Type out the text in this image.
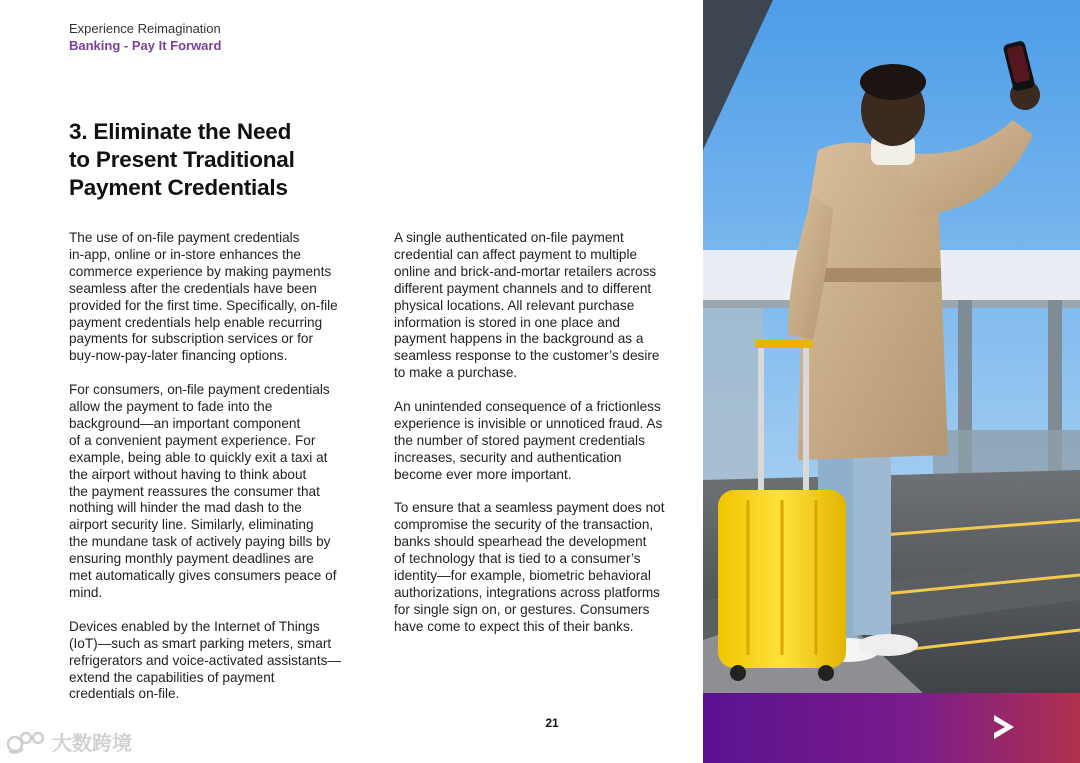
Experience Reimagination
Banking - Pay It Forward
3. Eliminate the Need
to Present Traditional
Payment Credentials

The use of on-file payment credentials
in-app, online or in-store enhances the
commerce experience by making payments
seamless after the credentials have been
provided for the first time. Specifically, on-file
payment credentials help enable recurring
payments for subscription services or for
buy-now-pay-later financing options.

For consumers, on-file payment credentials
allow the payment to fade into the
background—an important component
of a convenient payment experience. For
example, being able to quickly exit a taxi at
the airport without having to think about
the payment reassures the consumer that
nothing will hinder the mad dash to the
airport security line. Similarly, eliminating
the mundane task of actively paying bills by
ensuring monthly payment deadlines are
met automatically gives consumers peace of
mind.

Devices enabled by the Internet of Things
(IoT)—such as smart parking meters, smart
refrigerators and voice-activated assistants—
extend the capabilities of payment
credentials on-file.

A single authenticated on-file payment
credential can affect payment to multiple
online and brick-and-mortar retailers across
different payment channels and to different
physical locations. All relevant purchase
information is stored in one place and
payment happens in the background as a
seamless response to the customer’s desire
to make a purchase.

An unintended consequence of a frictionless
experience is invisible or unnoticed fraud. As
the number of stored payment credentials
increases, security and authentication
become ever more important.

To ensure that a seamless payment does not
compromise the security of the transaction,
banks should spearhead the development
of technology that is tied to a consumer’s
identity—for example, biometric behavioral
authorizations, integrations across platforms
for single sign on, or gestures. Consumers
have come to expect this of their banks.

21
大数跨境
